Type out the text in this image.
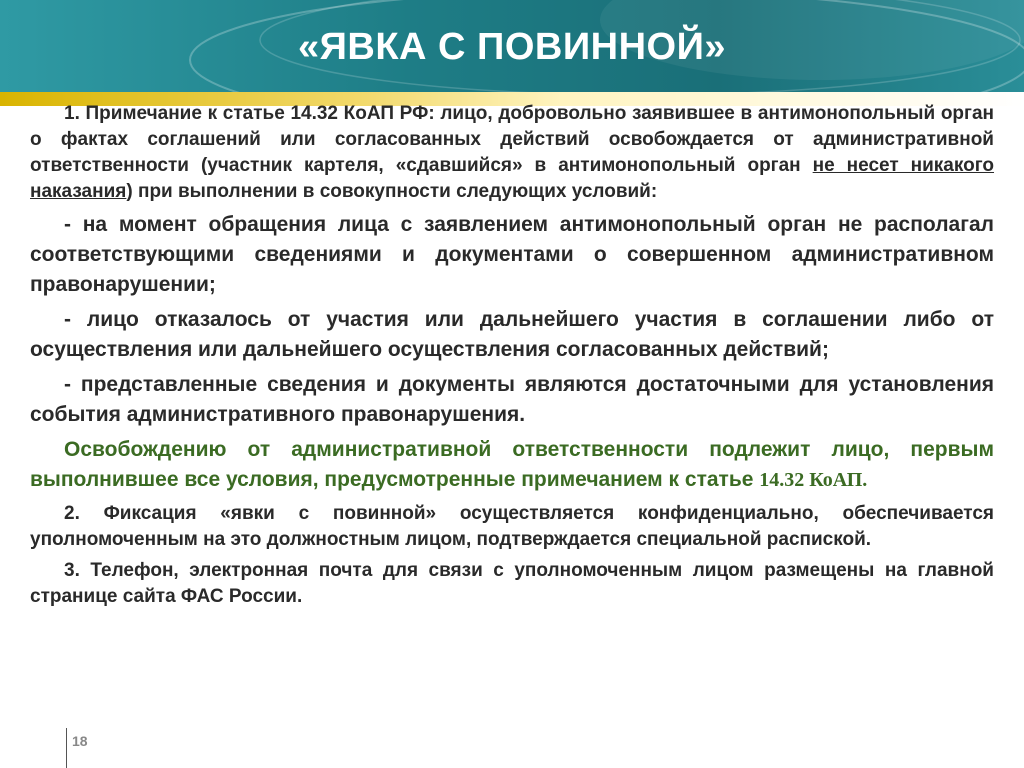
«ЯВКА С ПОВИННОЙ»

1. Примечание к статье 14.32 КоАП РФ: лицо, добровольно заявившее в антимонопольный орган о фактах соглашений или согласованных действий освобождается от административной ответственности (участник картеля, «сдавшийся» в антимонопольный орган не несет никакого наказания) при выполнении в совокупности следующих условий:

- на момент обращения лица с заявлением антимонопольный орган не располагал соответствующими сведениями и документами о совершенном административном правонарушении;

- лицо отказалось от участия или дальнейшего участия в соглашении либо от осуществления или дальнейшего осуществления согласованных действий;

- представленные сведения и документы являются достаточными для установления события административного правонарушения.

Освобождению от административной ответственности подлежит лицо, первым выполнившее все условия, предусмотренные примечанием к статье 14.32 КоАП.

2. Фиксация «явки с повинной» осуществляется конфиденциально, обеспечивается уполномоченным на это должностным лицом, подтверждается специальной распиской.

3. Телефон, электронная почта для связи с уполномоченным лицом размещены на главной странице сайта ФАС России.

18
